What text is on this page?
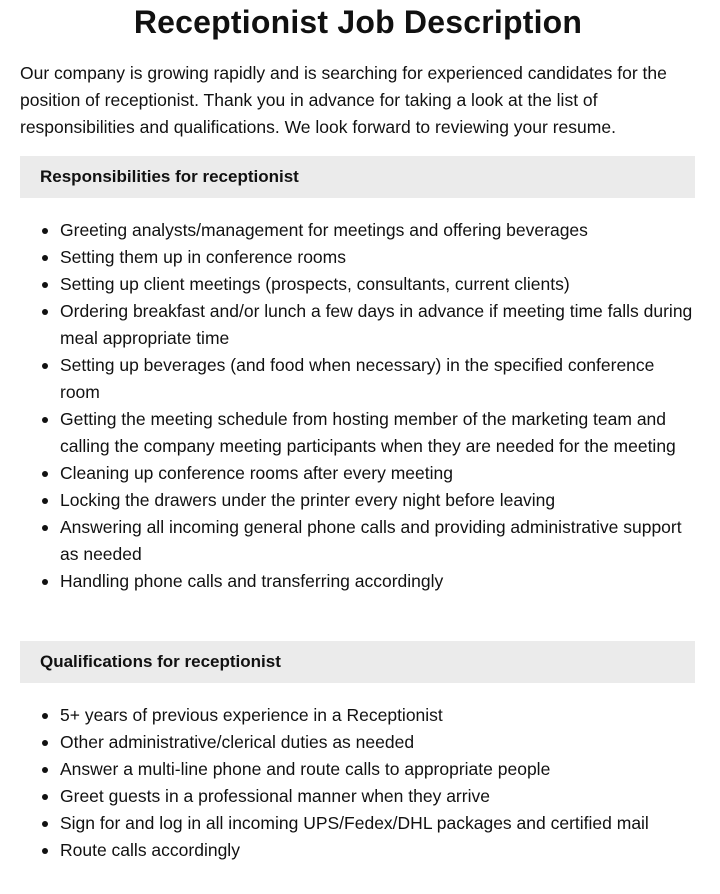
Receptionist Job Description

Our company is growing rapidly and is searching for experienced candidates for the position of receptionist. Thank you in advance for taking a look at the list of responsibilities and qualifications. We look forward to reviewing your resume.

Responsibilities for receptionist
Greeting analysts/management for meetings and offering beverages
Setting them up in conference rooms
Setting up client meetings (prospects, consultants, current clients)
Ordering breakfast and/or lunch a few days in advance if meeting time falls during meal appropriate time
Setting up beverages (and food when necessary) in the specified conference room
Getting the meeting schedule from hosting member of the marketing team and calling the company meeting participants when they are needed for the meeting
Cleaning up conference rooms after every meeting
Locking the drawers under the printer every night before leaving
Answering all incoming general phone calls and providing administrative support as needed
Handling phone calls and transferring accordingly
Qualifications for receptionist
5+ years of previous experience in a Receptionist
Other administrative/clerical duties as needed
Answer a multi-line phone and route calls to appropriate people
Greet guests in a professional manner when they arrive
Sign for and log in all incoming UPS/Fedex/DHL packages and certified mail
Route calls accordingly
